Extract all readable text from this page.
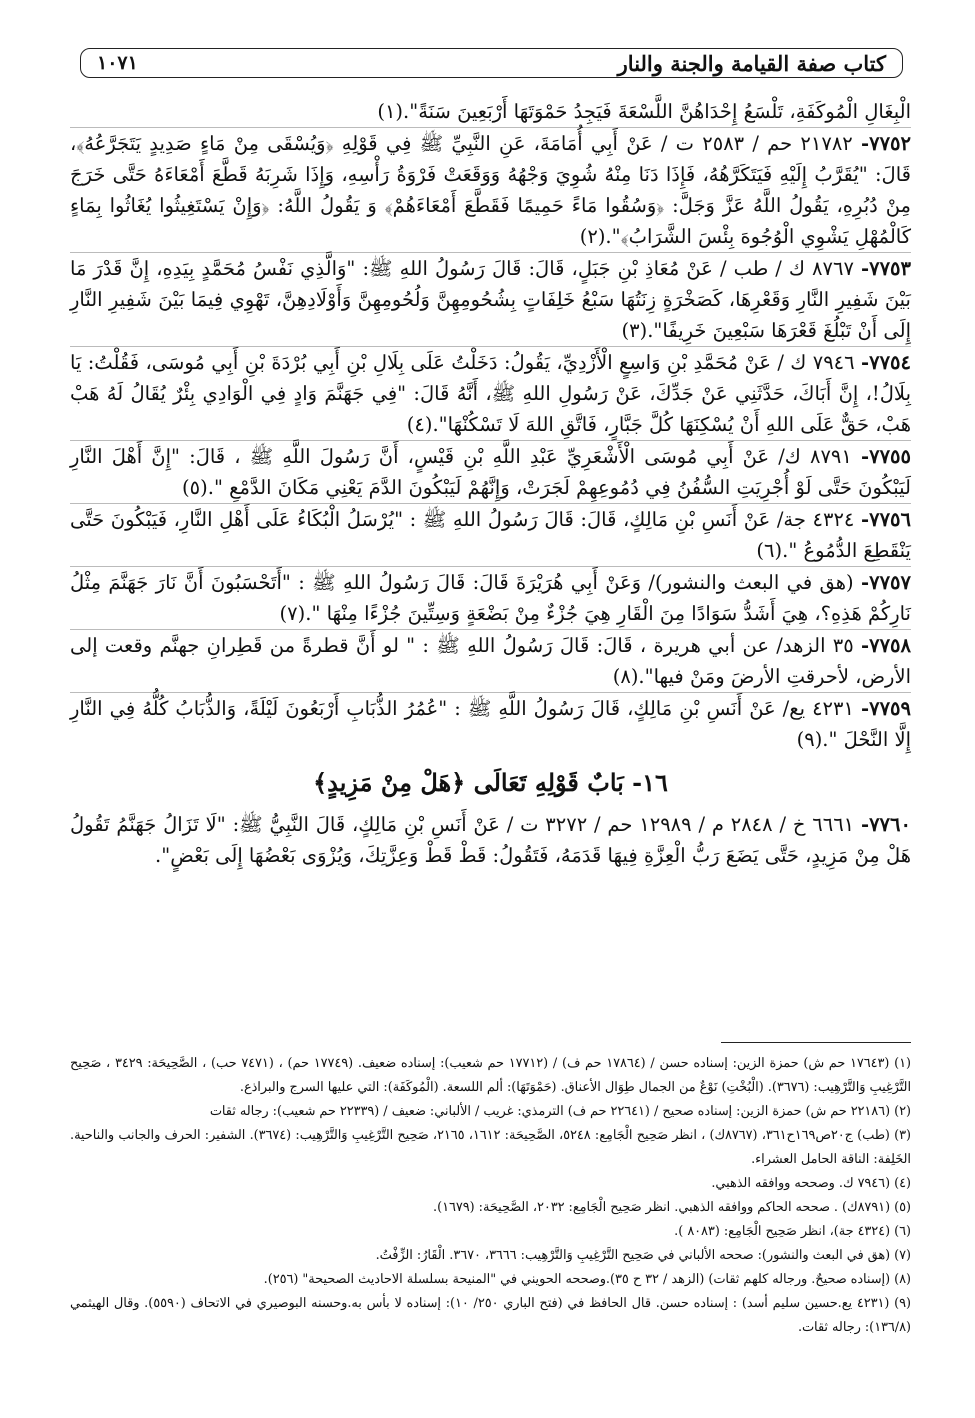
كتاب صفة القيامة والجنة والنار
١٠٧١

الْبِغَالِ الْمُوكَفَةِ، تَلْسَعُ إِحْدَاهُنَّ اللَّسْعَةَ فَيَجِدُ حَمْوَتَهَا أَرْبَعِينَ سَنَةً".(١)

٧٧٥٢- ٢١٧٨٢ حم / ٢٥٨٣ ت / عَنْ أَبِي أُمَامَةَ، عَنِ النَّبِيِّ ﷺ فِي قَوْلِهِ ﴿وَيُسْقَى مِنْ مَاءٍ صَدِيدٍ يَتَجَرَّعُهُ﴾، قَالَ: "يُقَرَّبُ إِلَيْهِ فَيَتَكَرَّهُهُ، فَإِذَا دَنَا مِنْهُ شُوِيَ وَجْهُهُ وَوَقَعَتْ فَرْوَةُ رَأْسِهِ، وَإِذَا شَرِبَهُ قَطَّعَ أَمْعَاءَهُ حَتَّى خَرَجَ مِنْ دُبُرِهِ، يَقُولُ اللَّهُ عَزَّ وَجَلَّ: ﴿وَسُقُوا مَاءً حَمِيمًا فَقَطَّعَ أَمْعَاءَهُمْ﴾ وَ يَقُولُ اللَّهُ: ﴿وَإِنْ يَسْتَغِيثُوا يُغَاثُوا بِمَاءٍ كَالْمُهْلِ يَشْوِي الْوُجُوهَ بِئْسَ الشَّرَابُ﴾".(٢)

٧٧٥٣- ٨٧٦٧ ك / طب / عَنْ مُعَاذِ بْنِ جَبَلٍ، قَالَ: قَالَ رَسُولُ اللهِ ﷺ: "وَالَّذِي نَفْسُ مُحَمَّدٍ بِيَدِهِ، إِنَّ قَدْرَ مَا بَيْنَ شَفِيرِ النَّارِ وَقَعْرِهَا، كَصَخْرَةٍ زِنَتُهَا سَبْعُ خَلِفَاتٍ بِشُحُومِهِنَّ وَلُحُومِهِنَّ وَأَوْلَادِهِنَّ، تَهْوِي فِيمَا بَيْنَ شَفِيرِ النَّارِ إِلَى أَنْ تَبْلُغَ قَعْرَهَا سَبْعِينَ خَرِيفًا".(٣)

٧٧٥٤- ٧٩٤٦ ك / عَنْ مُحَمَّدِ بْنِ وَاسِعٍ الْأَزْدِيِّ، يَقُولُ: دَخَلْتُ عَلَى بِلَالِ بْنِ أَبِي بُرْدَةَ بْنِ أَبِي مُوسَى، فَقُلْتُ: يَا بِلَالُ!، إِنَّ أَبَاكَ، حَدَّثَنِي عَنْ جَدِّكَ، عَنْ رَسُولِ اللهِ ﷺ، أَنَّهُ قَالَ: "فِي جَهَنَّمَ وَادٍ فِي الْوَادِي بِئْرٌ يُقَالُ لَهُ هَبْ هَبْ، حَقٌّ عَلَى اللهِ أَنْ يُسْكِنَهَا كُلَّ جَبَّارٍ، فَاتَّقِ اللهَ لَا تَسْكُنْهَا".(٤)

٧٧٥٥- ٨٧٩١ ك/ عَنْ أَبِي مُوسَى الْأَشْعَرِيِّ عَبْدِ اللَّهِ بْنِ قَيْسٍ، أَنَّ رَسُولَ اللَّهِ ﷺ ، قَالَ: "إِنَّ أَهْلَ النَّارِ لَيَبْكُونَ حَتَّى لَوْ أُجْرِيَتِ السُّفُنُ فِي دُمُوعِهِمْ لَجَرَتْ، وَإِنَّهُمْ لَيَبْكُونَ الدَّمَ يَعْنِي مَكَانَ الدَّمْعِ ".(٥)

٧٧٥٦- ٤٣٢٤ جة/ عَنْ أَنَسِ بْنِ مَالِكٍ، قَالَ: قَالَ رَسُولُ اللهِ ﷺ : "يُرْسَلُ الْبُكَاءُ عَلَى أَهْلِ النَّارِ، فَيَبْكُونَ حَتَّى يَنْقَطِعَ الدُّمُوعُ ".(٦)

٧٧٥٧- (هق في البعث والنشور)/ وَعَنْ أَبِي هُرَيْرَةَ قَالَ: قَالَ رَسُولُ اللهِ ﷺ : "أَتَحْسَبُونَ أَنَّ نَارَ جَهَنَّمَ مِثْلُ نَارِكُمْ هَذِهِ؟، هِيَ أَشَدُّ سَوَادًا مِنَ الْقَارِ هِيَ جُزْءٌ مِنْ بَضْعَةٍ وَسِتِّينَ جُزْءًا مِنْهَا ".(٧)

٧٧٥٨- ٣٥ الزهد/ عن أبي هريرة ، قَالَ: قَالَ رَسُولُ اللهِ ﷺ : " لو أَنَّ قطرةً من قَطِرانِ جهنَّم وقعت إلى الأرض، لأحرقتِ الأرضَ ومَنْ فيها".(٨)

٧٧٥٩- ٤٢٣١ يع/ عَنْ أَنَسِ بْنِ مَالِكٍ، قَالَ رَسُولُ اللَّهِ ﷺ : "عُمُرُ الذُّبَابِ أَرْبَعُونَ لَيْلَةً، وَالذُّبَابُ كُلُّهُ فِي النَّارِ إِلَّا النَّحْلَ ".(٩)

١٦- بَابٌ قَوْلِهِ تَعَالَى ﴿هَلْ مِنْ مَزِيدٍ﴾

٧٧٦٠- ٦٦٦١ خ / ٢٨٤٨ م / ١٢٩٨٩ حم / ٣٢٧٢ ت / عَنْ أَنَسِ بْنِ مَالِكٍ، قَالَ النَّبِيُّ ﷺ: "لَا تَزَالُ جَهَنَّمُ تَقُولُ هَلْ مِنْ مَزِيدٍ، حَتَّى يَضَعَ رَبُّ الْعِزَّةِ فِيهَا قَدَمَهُ، فَتَقُولُ: قَطْ قَطْ وَعِزَّتِكَ، وَيُزْوَى بَعْضُهَا إِلَى بَعْضٍ".

(١) (١٧٦٤٣ حم ش) حمزة الزين: إسناده حسن / (١٧٨٦٤ حم ف) / (١٧٧١٢ حم شعيب): إسناده ضعيف. (١٧٧٤٩ حم) ، (٧٤٧١ حب) ، الصَّحِيحَة: ٣٤٢٩ ، صَحِيح التَّرْغِيبِ وَالتَّرْهِيب: (٣٦٧٦). (الْبُخْتِ) نَوْعٌ من الجمال طِوَال الأعناق. (حَمْوَتَهَا): ألم اللسعة. (الْمُوكَفَة): التي عليها السرج والبراذع.

(٢) (٢٢١٨٦ حم ش) حمزة الزين: إسناده صحيح / (٢٢٦٤١ حم ف) الترمذي: غريب / الألباني: ضعيف / (٢٢٣٣٩ حم شعيب): رجاله ثقات

(٣) (طب) ج٢٠ص١٦٩ح٣٦١، (٨٧٦٧ك) ، انظر صَحِيح الْجَامِع: ٥٢٤٨، الصَّحِيحَة: ١٦١٢، ٢١٦٥، صَحِيح التَّرْغِيبِ وَالتَّرْهِيب: (٣٦٧٤). الشفير: الحرف والجانب والناحية. الخَلِفة: الناقة الحامل العشراء.

(٤) (٧٩٤٦ ك. وصححه ووافقه الذهبي.

(٥) (٨٧٩١ك) . صححه الحاكم ووافقه الذهبي. انظر صَحِيح الْجَامِع: ٢٠٣٢، الصَّحِيحَة: (١٦٧٩).

(٦) (٤٣٢٤ جة)، انظر صَحِيح الْجَامِع: (٨٠٨٣ ).

(٧) (هق في البعث والنشور): صححه الألباني في صَحِيح التَّرْغِيبِ وَالتَّرْهِيب: ٣٦٦٦، ٣٦٧٠. الْقَارُ: الزِّفْتُ.

(٨) (إسناده صحيحٌ. ورجاله كلهم ثقات) (الزهد / ٣٢ ح ٣٥).وصححه الحويني في "المنيحة بسلسلة الاحاديث الصحيحة" (٢٥٦).

(٩) (٤٢٣١ يع.حسين سليم أسد) : إسناده حسن. قال الحافظ في (فتح الباري ٢٥٠/ ١٠): إسناده لا بأس به.وحسنه البوصيري في الاتحاف (٥٥٩٠). وقال الهيثمي (١٣٦/٨): رجاله ثقات.
